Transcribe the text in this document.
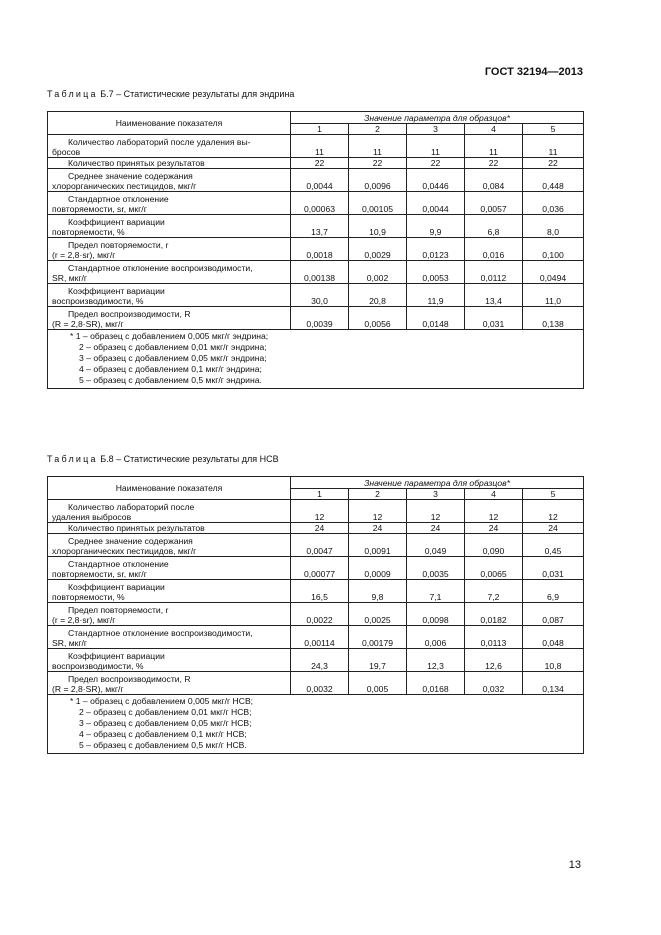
ГОСТ 32194—2013
Таблица Б.7 – Статистические результаты для эндрина
Наименование показателя	Значение параметра для образцов*				
	1	2	3	4	5

Количество лабораторий после удаления вы-
бросов	11	11	11	11	11

Количество принятых результатов	22	22	22	22	22

Среднее значение содержания
хлорорганических пестицидов, мкг/г	0,0044	0,0096	0,0446	0,084	0,448

Стандартное отклонение
повторяемости, sr, мкг/г	0,00063	0,00105	0,0044	0,0057	0,036

Коэффициент вариации
повторяемости, %	13,7	10,9	9,9	6,8	8,0

Предел повторяемости, r
(r = 2,8·sr), мкг/г	0,0018	0,0029	0,0123	0,016	0,100

Стандартное отклонение воспроизводимости,
SR, мкг/г	0,00138	0,002	0,0053	0,0112	0,0494

Коэффициент вариации
воспроизводимости, %	30,0	20,8	11,9	13,4	11,0

Предел воспроизводимости, R
(R = 2,8·SR), мкг/г	0,0039	0,0056	0,0148	0,031	0,138

* 1 – образец с добавлением 0,005 мкг/г эндрина;
2 – образец с добавлением 0,01 мкг/г эндрина;
3 – образец с добавлением 0,05 мкг/г эндрина;
4 – образец с добавлением 0,1 мкг/г эндрина;
5 – образец с добавлением 0,5 мкг/г эндрина.					
Таблица Б.8 – Статистические результаты для НСВ
Наименование показателя	Значение параметра для образцов*				
	1	2	3	4	5

Количество лабораторий после
удаления выбросов	12	12	12	12	12

Количество принятых результатов	24	24	24	24	24

Среднее значение содержания
хлорорганических пестицидов, мкг/г	0,0047	0,0091	0,049	0,090	0,45

Стандартное отклонение
повторяемости, sr, мкг/г	0,00077	0,0009	0,0035	0,0065	0,031

Коэффициент вариации
повторяемости, %	16,5	9,8	7,1	7,2	6,9

Предел повторяемости, r
(r = 2,8·sr), мкг/г	0,0022	0,0025	0,0098	0,0182	0,087

Стандартное отклонение воспроизводимости,
SR, мкг/г	0,00114	0,00179	0,006	0,0113	0,048

Коэффициент вариации
воспроизводимости, %	24,3	19,7	12,3	12,6	10,8

Предел воспроизводимости, R
(R = 2,8·SR), мкг/г	0,0032	0,005	0,0168	0,032	0,134

* 1 – образец с добавлением 0,005 мкг/г НСВ;
2 – образец с добавлением 0,01 мкг/г НСВ;
3 – образец с добавлением 0,05 мкг/г НСВ;
4 – образец с добавлением 0,1 мкг/г НСВ;
5 – образец с добавлением 0,5 мкг/г НСВ.					
13
